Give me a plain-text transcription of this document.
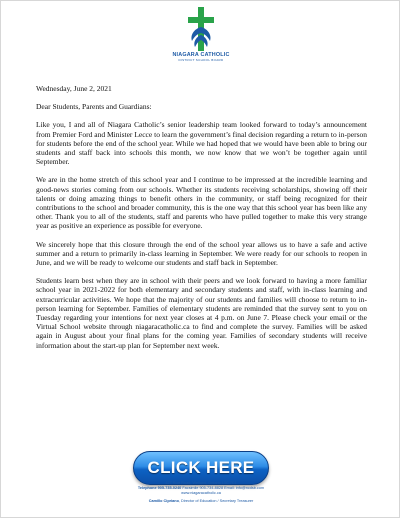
NIAGARA CATHOLIC
DISTRICT SCHOOL BOARD

Wednesday, June 2, 2021

Dear Students, Parents and Guardians:

Like you, I and all of Niagara Catholic’s senior leadership team looked forward to today’s announcement from Premier Ford and Minister Lecce to learn the government’s final decision regarding a return to in-person for students before the end of the school year. While we had hoped that we would have been able to bring our students and staff back into schools this month, we now know that we won’t be together again until September.

We are in the home stretch of this school year and I continue to be impressed at the incredible learning and good-news stories coming from our schools. Whether its students receiving scholarships, showing off their talents or doing amazing things to benefit others in the community, or staff being recognized for their contributions to the school and broader community, this is the one way that this school year has been like any other. Thank you to all of the students, staff and parents who have pulled together to make this very strange year as positive an experience as possible for everyone.

We sincerely hope that this closure through the end of the school year allows us to have a safe and active summer and a return to primarily in-class learning in September. We were ready for our schools to reopen in June, and we will be ready to welcome our students and staff back in September.

Students learn best when they are in school with their peers and we look forward to having a more familiar school year in 2021-2022 for both elementary and secondary students and staff, with in-class learning and extracurricular activities. We hope that the majority of our students and families will choose to return to in-person learning for September. Families of elementary students are reminded that the survey sent to you on Tuesday regarding your intentions for next year closes at 4 p.m. on June 7. Please check your email or the Virtual School website through niagaracatholic.ca to find and complete the survey. Families will be asked again in August about your final plans for the coming year. Families of secondary students will receive information about the start-up plan for September next week.

CLICK HERE
427 Rice Road, Welland, Ontario L3C 7C1
Telephone 905-735-0240 Facsimile 905-734-8828 Email: info@ncdsb.com
www.niagaracatholic.ca
Camillo Cipriano, Director of Education / Secretary Treasurer
